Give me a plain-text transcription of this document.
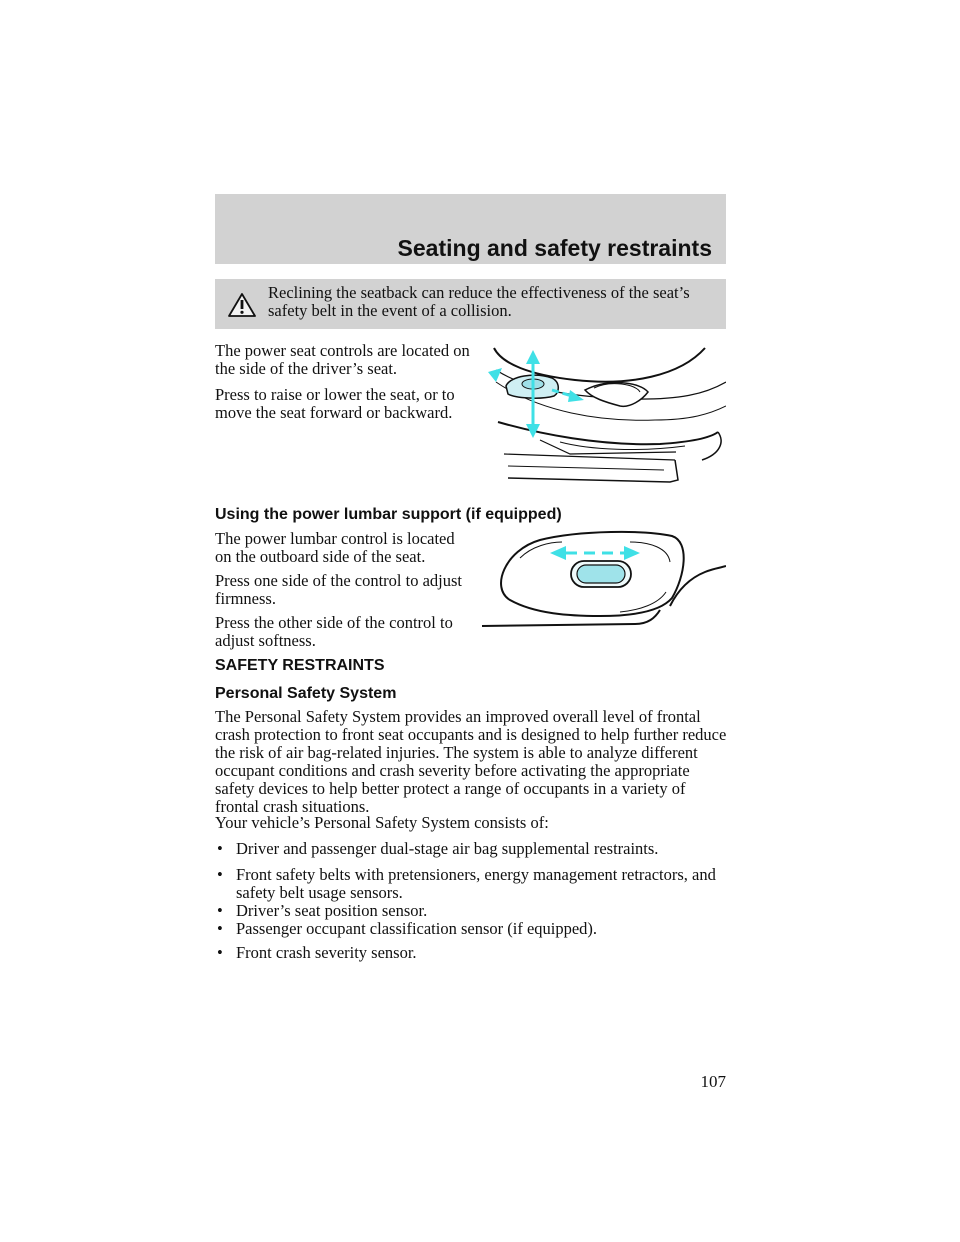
Seating and safety restraints
Reclining the seatback can reduce the effectiveness of the seat’s safety belt in the event of a collision.

The power seat controls are located on the side of the driver’s seat.

Press to raise or lower the seat, or to move the seat forward or backward.

Using the power lumbar support (if equipped)

The power lumbar control is located on the outboard side of the seat.

Press one side of the control to adjust firmness.

Press the other side of the control to adjust softness.

SAFETY RESTRAINTS

Personal Safety System

The Personal Safety System provides an improved overall level of frontal crash protection to front seat occupants and is designed to help further reduce the risk of air bag-related injuries. The system is able to analyze different occupant conditions and crash severity before activating the appropriate safety devices to help better protect a range of occupants in a variety of frontal crash situations.

Your vehicle’s Personal Safety System consists of:

• Driver and passenger dual-stage air bag supplemental restraints.
• Front safety belts with pretensioners, energy management retractors, and safety belt usage sensors.
• Driver’s seat position sensor.
• Passenger occupant classification sensor (if equipped).
• Front crash severity sensor.
107
